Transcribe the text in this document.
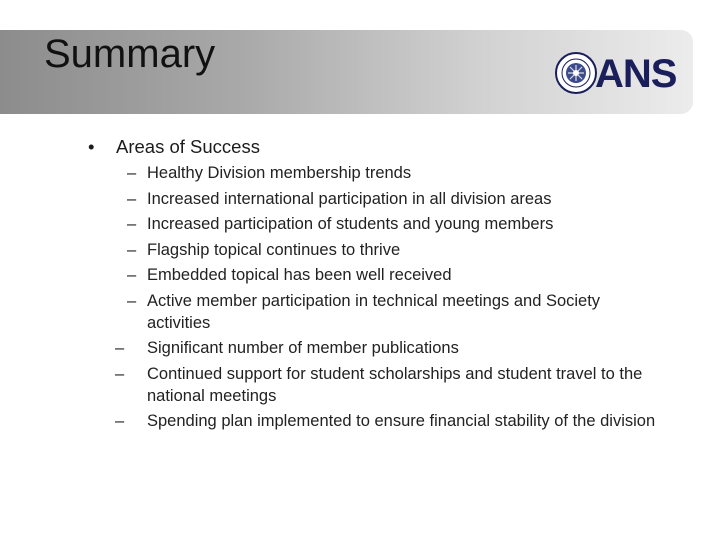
Summary	ANS
• Areas of Success
– Healthy Division membership trends
– Increased international participation in all division areas
– Increased participation of students and young members
– Flagship topical continues to thrive
– Embedded topical has been well received
– Active member participation in technical meetings and Society activities
– Significant number of member publications
– Continued support for student scholarships and student travel to the national meetings
– Spending plan implemented to ensure financial stability of the division
